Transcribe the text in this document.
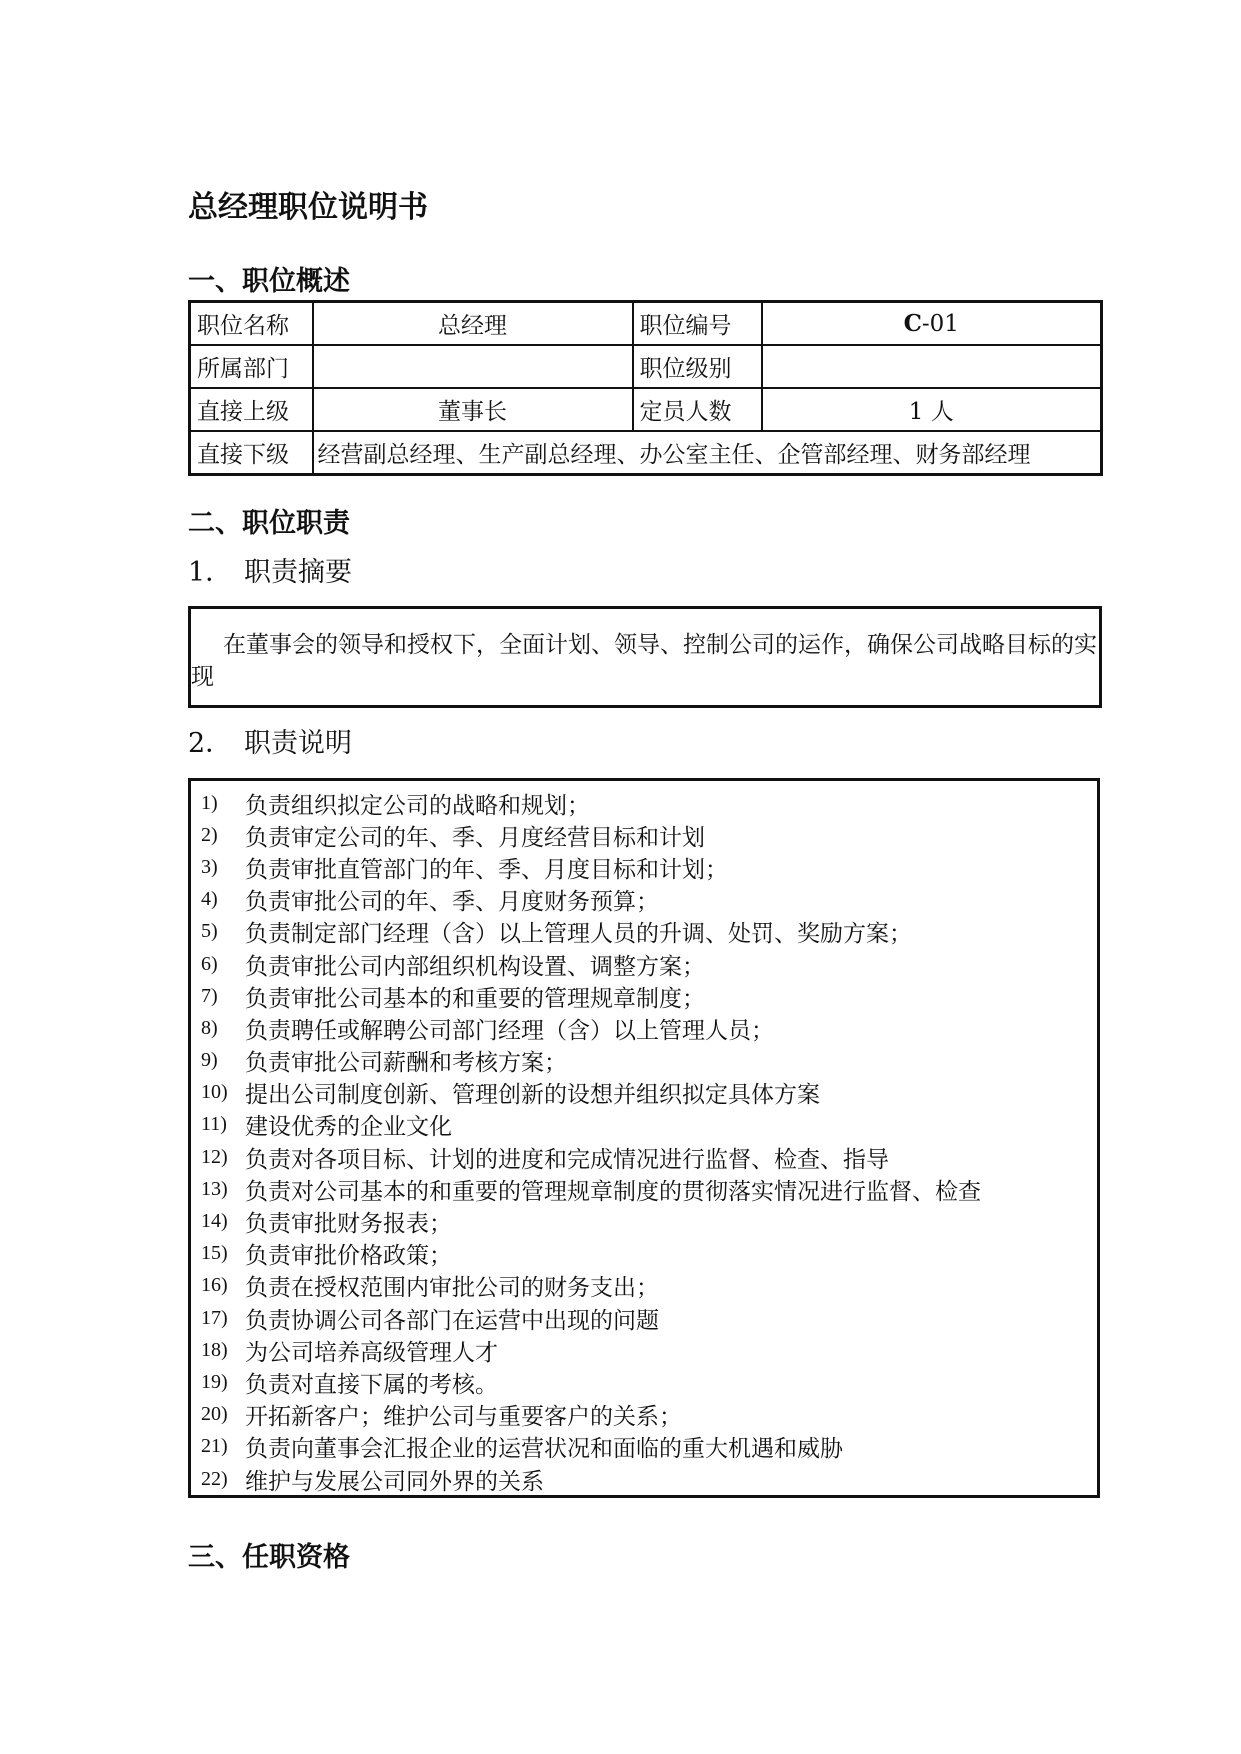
总经理职位说明书
一、职位概述
职位名称	总经理	职位编号	C-01
所属部门		职位级别	
直接上级	董事长	定员人数	1 人
直接下级	经营副总经理、生产副总经理、办公室主任、企管部经理、财务部经理		
二、职位职责
1． 职责摘要

在董事会的领导和授权下，全面计划、领导、控制公司的运作，确保公司战略目标的实现

2． 职责说明
1)	负责组织拟定公司的战略和规划；
2)	负责审定公司的年、季、月度经营目标和计划
3)	负责审批直管部门的年、季、月度目标和计划；
4)	负责审批公司的年、季、月度财务预算；
5)	负责制定部门经理（含）以上管理人员的升调、处罚、奖励方案；
6)	负责审批公司内部组织机构设置、调整方案；
7)	负责审批公司基本的和重要的管理规章制度；
8)	负责聘任或解聘公司部门经理（含）以上管理人员；
9)	负责审批公司薪酬和考核方案；
10) 提出公司制度创新、管理创新的设想并组织拟定具体方案
11) 建设优秀的企业文化
12) 负责对各项目标、计划的进度和完成情况进行监督、检查、指导
13) 负责对公司基本的和重要的管理规章制度的贯彻落实情况进行监督、检查
14) 负责审批财务报表；
15) 负责审批价格政策；
16) 负责在授权范围内审批公司的财务支出；
17) 负责协调公司各部门在运营中出现的问题
18) 为公司培养高级管理人才
19) 负责对直接下属的考核。
20) 开拓新客户；维护公司与重要客户的关系；
21) 负责向董事会汇报企业的运营状况和面临的重大机遇和威胁
22) 维护与发展公司同外界的关系
三、任职资格
